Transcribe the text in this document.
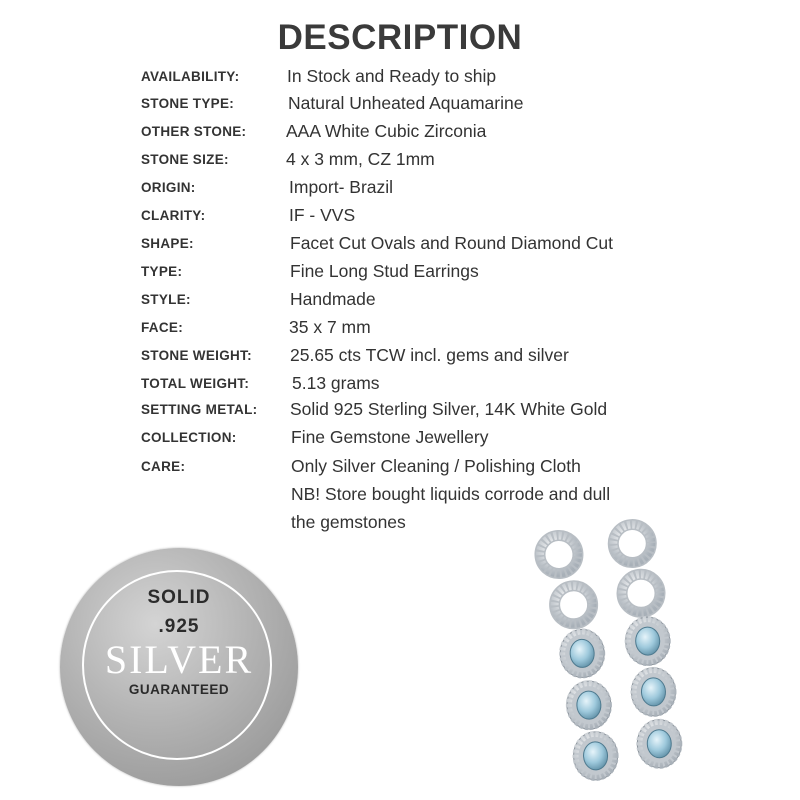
DESCRIPTION
AVAILABILITY:	In Stock and Ready to ship
STONE TYPE:	Natural Unheated Aquamarine
OTHER STONE: AAA White Cubic Zirconia
STONE SIZE:	4 x 3 mm, CZ 1mm
ORIGIN:	Import- Brazil
CLARITY:	IF - VVS
SHAPE:	Facet Cut Ovals and Round Diamond Cut
TYPE:	Fine Long Stud Earrings
STYLE:	Handmade
FACE:	35 x 7 mm
STONE WEIGHT: 25.65 cts TCW incl. gems and silver
TOTAL WEIGHT: 5.13 grams
SETTING METAL: Solid 925 Sterling Silver, 14K White Gold
COLLECTION:	Fine Gemstone Jewellery
CARE:	Only Silver Cleaning / Polishing Cloth
NB! Store bought liquids corrode and dull
the gemstones
SOLID
.925
SILVER
GUARANTEED
